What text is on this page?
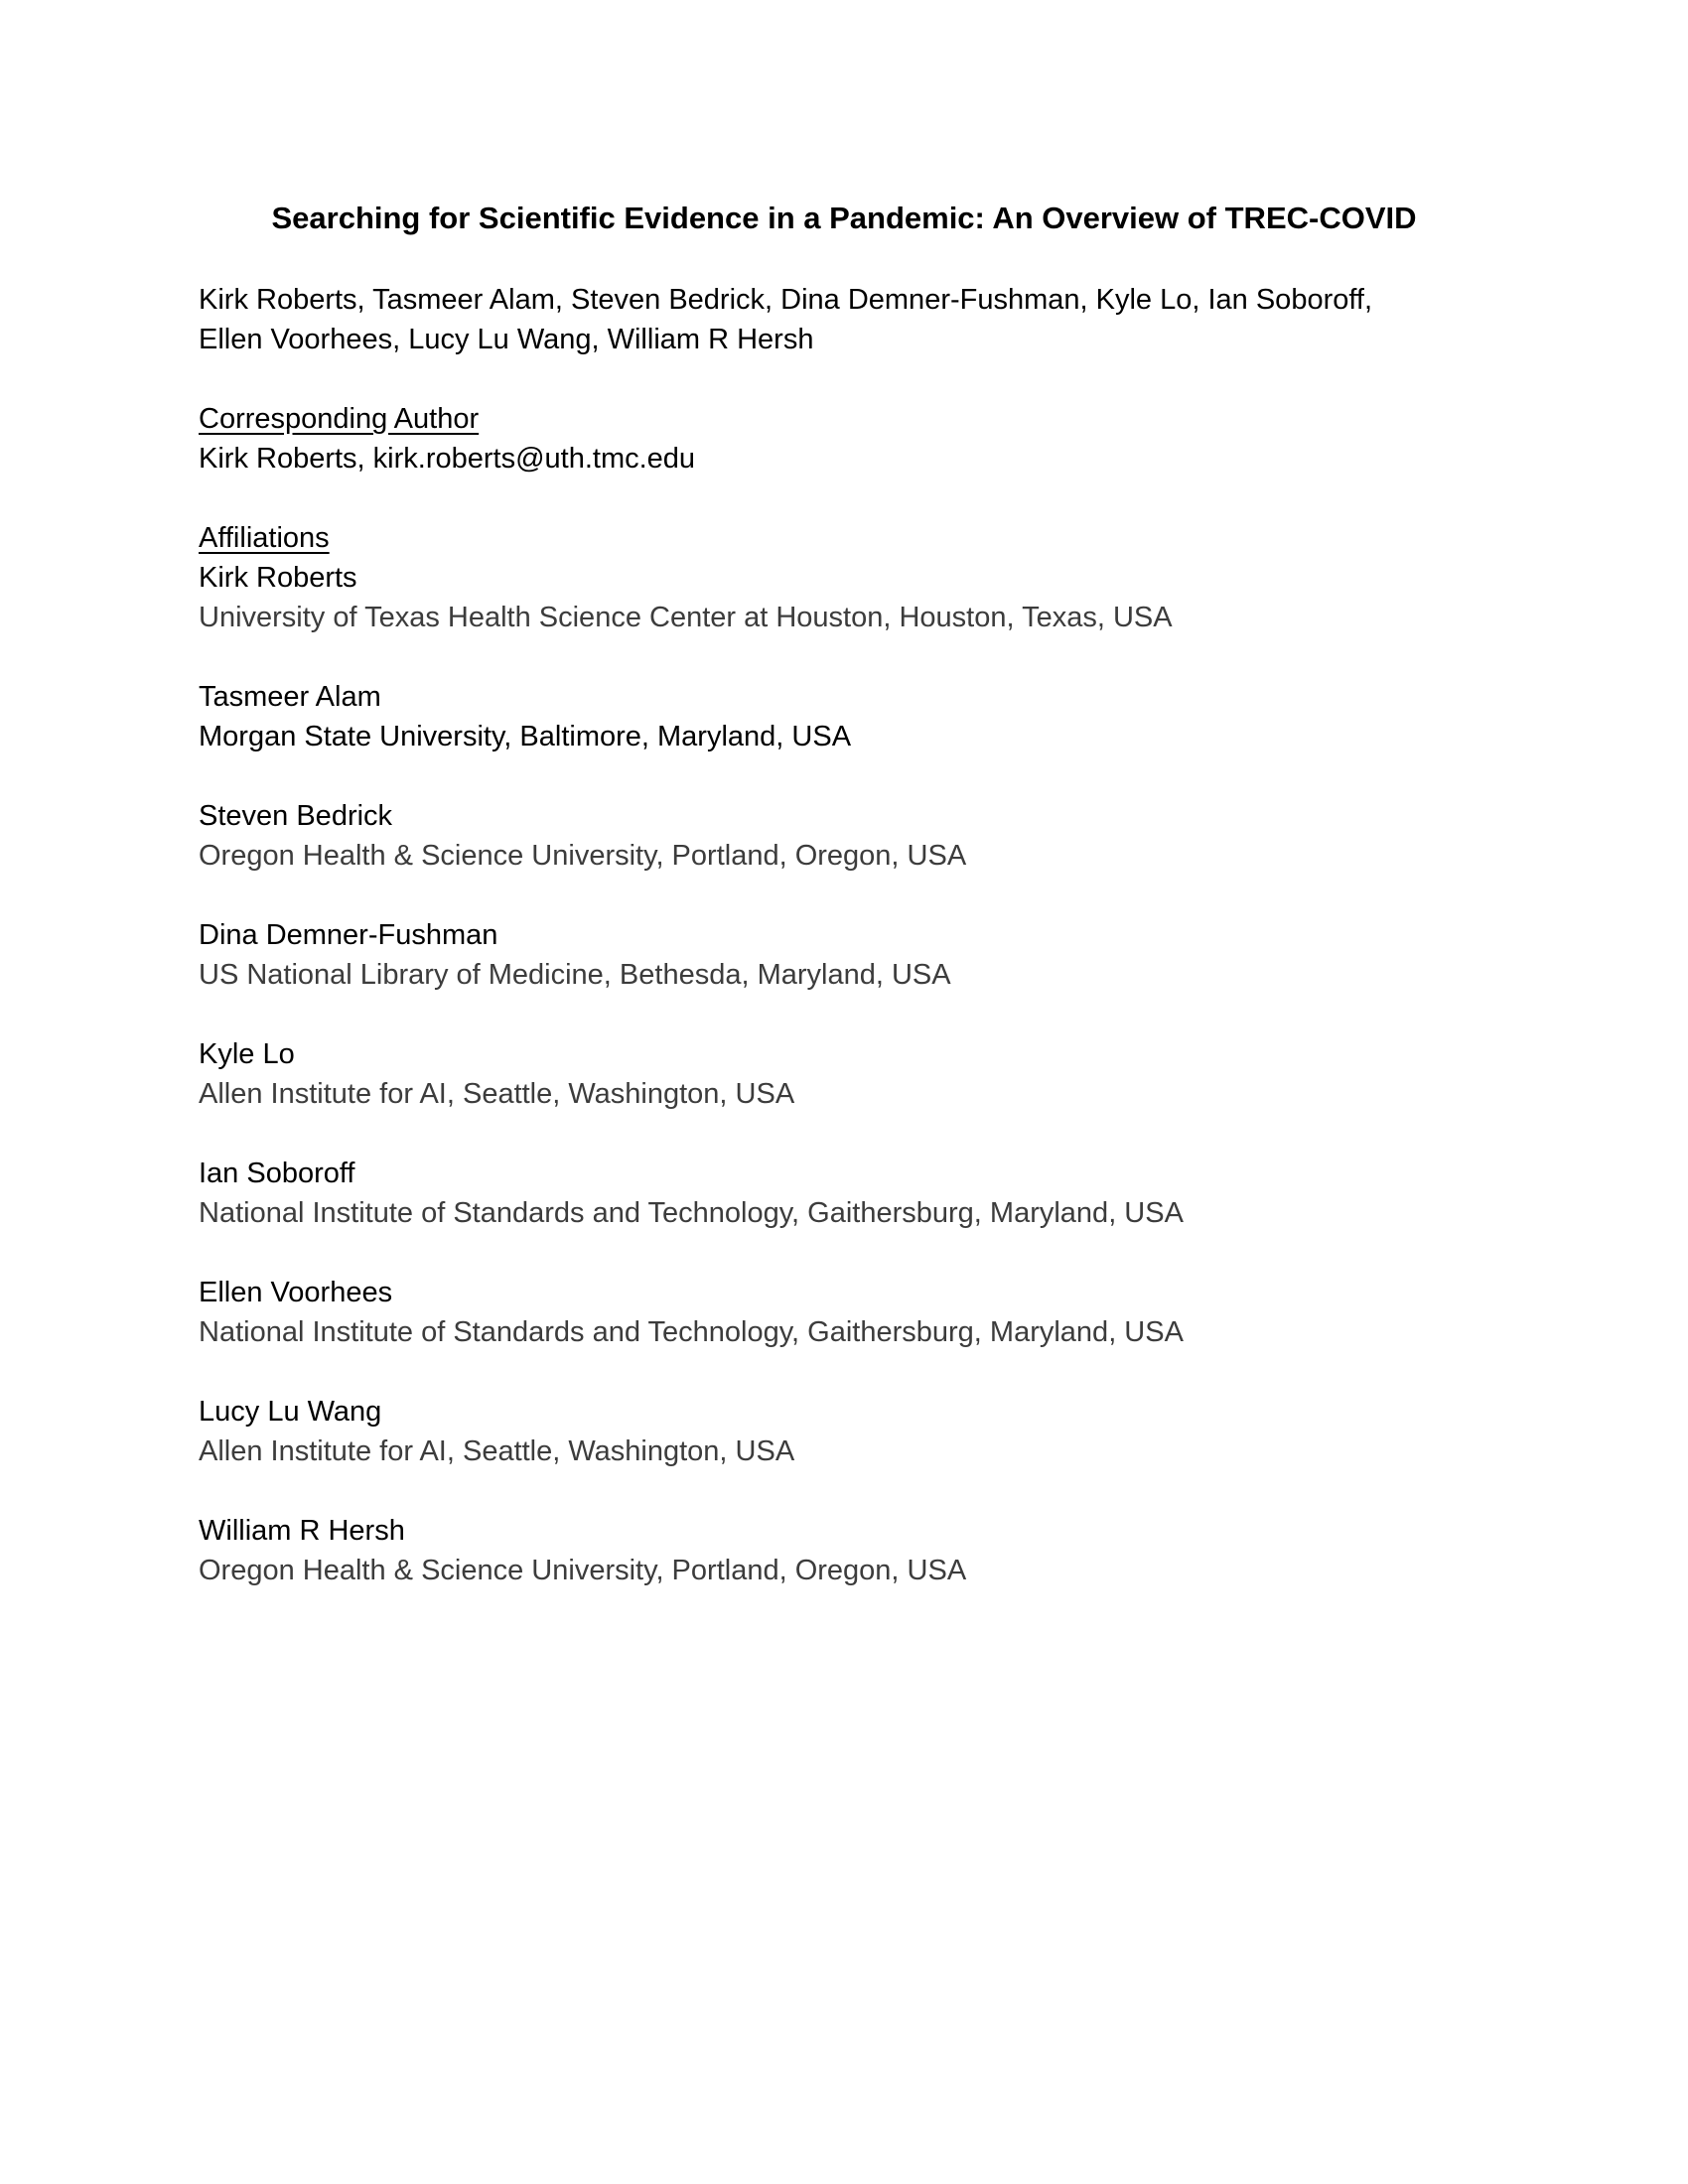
Searching for Scientific Evidence in a Pandemic: An Overview of TREC-COVID

Kirk Roberts, Tasmeer Alam, Steven Bedrick, Dina Demner-Fushman, Kyle Lo, Ian Soboroff,

Ellen Voorhees, Lucy Lu Wang, William R Hersh

Corresponding Author

Kirk Roberts, kirk.roberts@uth.tmc.edu

Affiliations

Kirk Roberts

University of Texas Health Science Center at Houston, Houston, Texas, USA

Tasmeer Alam

Morgan State University, Baltimore, Maryland, USA

Steven Bedrick

Oregon Health & Science University, Portland, Oregon, USA

Dina Demner-Fushman

US National Library of Medicine, Bethesda, Maryland, USA

Kyle Lo

Allen Institute for AI, Seattle, Washington, USA

Ian Soboroff

National Institute of Standards and Technology, Gaithersburg, Maryland, USA

Ellen Voorhees

National Institute of Standards and Technology, Gaithersburg, Maryland, USA

Lucy Lu Wang

Allen Institute for AI, Seattle, Washington, USA

William R Hersh

Oregon Health & Science University, Portland, Oregon, USA
